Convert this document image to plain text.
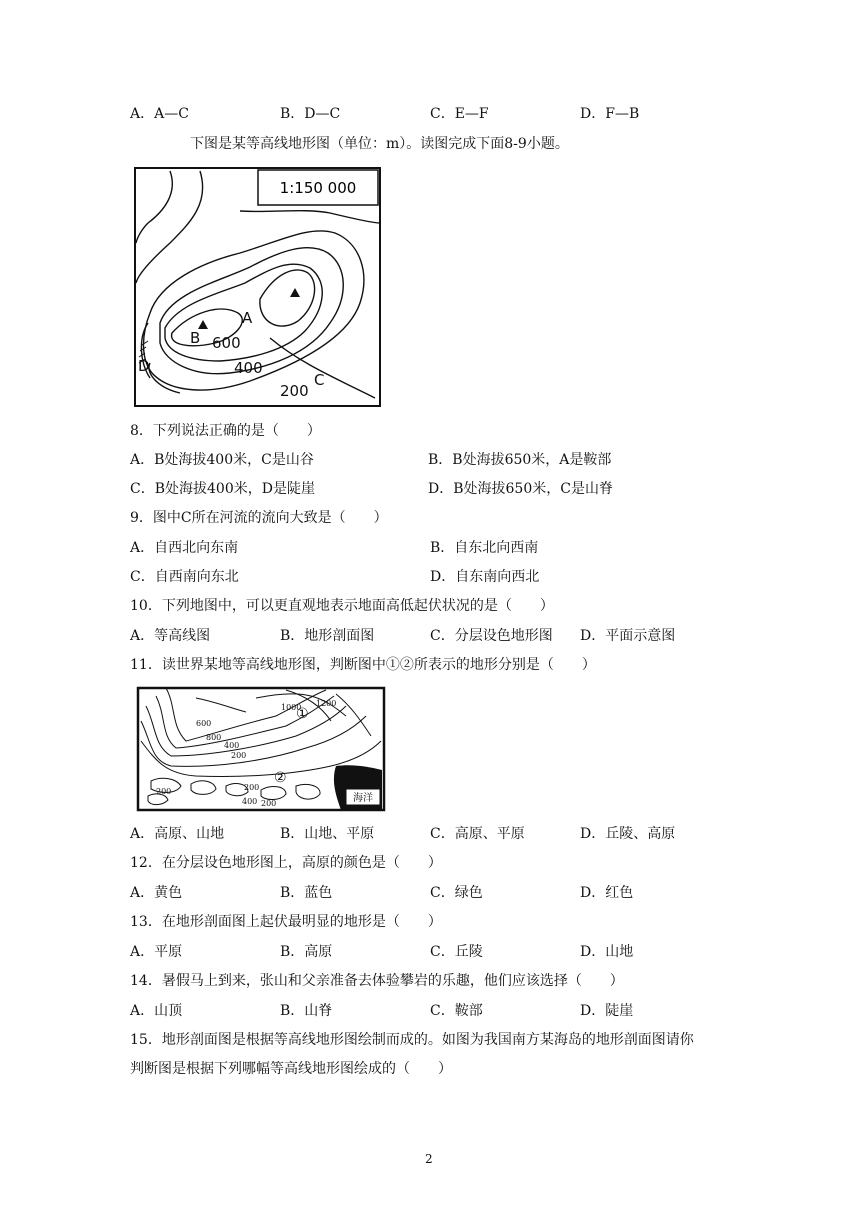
A．A—C	B．D—C	C．E—F	D．F—B
下图是某等高线地形图（单位：m）。读图完成下面8-9小题。
1:150 000
A
B
C
D
600
400
200
8．下列说法正确的是（　　）
A．B处海拔400米，C是山谷	B．B处海拔650米，A是鞍部
C．B处海拔400米，D是陡崖	D．B处海拔650米，C是山脊
9．图中C所在河流的流向大致是（　　）
A．自西北向东南	B．自东北向西南
C．自西南向东北	D．自东南向西北
10．下列地图中，可以更直观地表示地面高低起伏状况的是（　　）
A．等高线图	B．地形剖面图	C．分层设色地形图 D．平面示意图
11．读世界某地等高线地形图，判断图中①②所表示的地形分别是（　　）
1000 1200
600
800
400
200
200
400 200
200
①
②
海洋
A．高原、山地	B．山地、平原	C．高原、平原	D．丘陵、高原
12．在分层设色地形图上，高原的颜色是（　　）
A．黄色	B．蓝色	C．绿色	D．红色
13．在地形剖面图上起伏最明显的地形是（　　）
A．平原	B．高原	C．丘陵	D．山地
14．暑假马上到来，张山和父亲准备去体验攀岩的乐趣，他们应该选择（　　）
A．山顶	B．山脊	C．鞍部	D．陡崖
15．地形剖面图是根据等高线地形图绘制而成的。如图为我国南方某海岛的地形剖面图请你
判断图是根据下列哪幅等高线地形图绘成的（　　）
2
